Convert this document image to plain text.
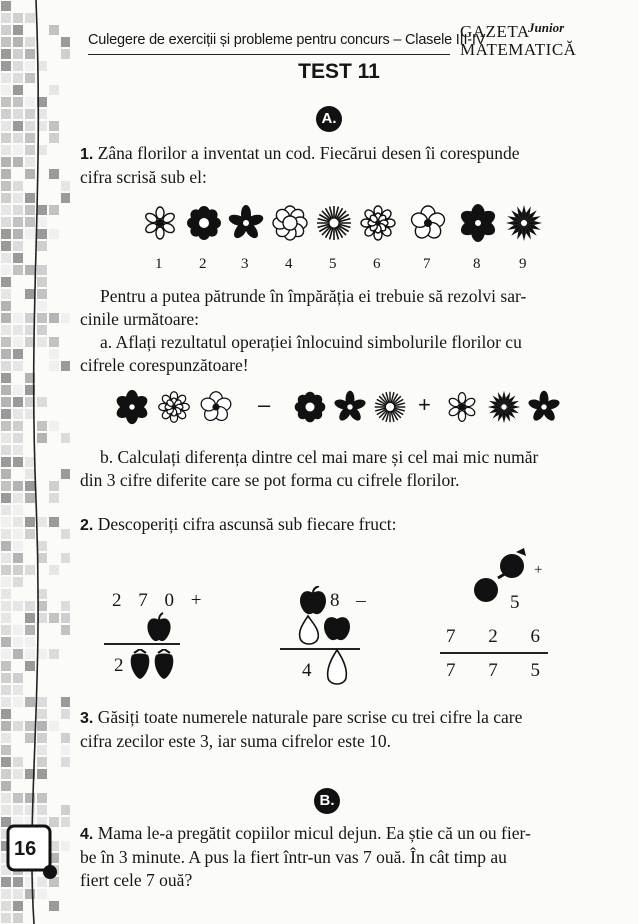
Culegere de exerciții și probleme pentru concurs – Clasele III-IV
GAZETA
Junior
MATEMATICĂ
TEST 11
A.
1. Zâna florilor a inventat un cod. Fiecărui desen îi corespunde
cifra scrisă sub el:
1 2 3 4 5 6	7	8	9
Pentru a putea pătrunde în împărăția ei trebuie să rezolvi sar-
cinile următoare:
a. Aflați rezultatul operației înlocuind simbolurile florilor cu
cifrele corespunzătoare!
–	+
b. Calculați diferența dintre cel mai mare și cel mai mic număr
din 3 cifre diferite care se pot forma cu cifrele florilor.
2. Descoperiți cifra ascunsă sub fiecare fruct:
2 7 0 +
2
8 –
4
+
5
7 2 6
7 7 5
3. Găsiți toate numerele naturale pare scrise cu trei cifre la care
cifra zecilor este 3, iar suma cifrelor este 10.
B.
4. Mama le-a pregătit copiilor micul dejun. Ea știe că un ou fier-
be în 3 minute. A pus la fiert într-un vas 7 ouă. În cât timp au
fiert cele 7 ouă?
16
